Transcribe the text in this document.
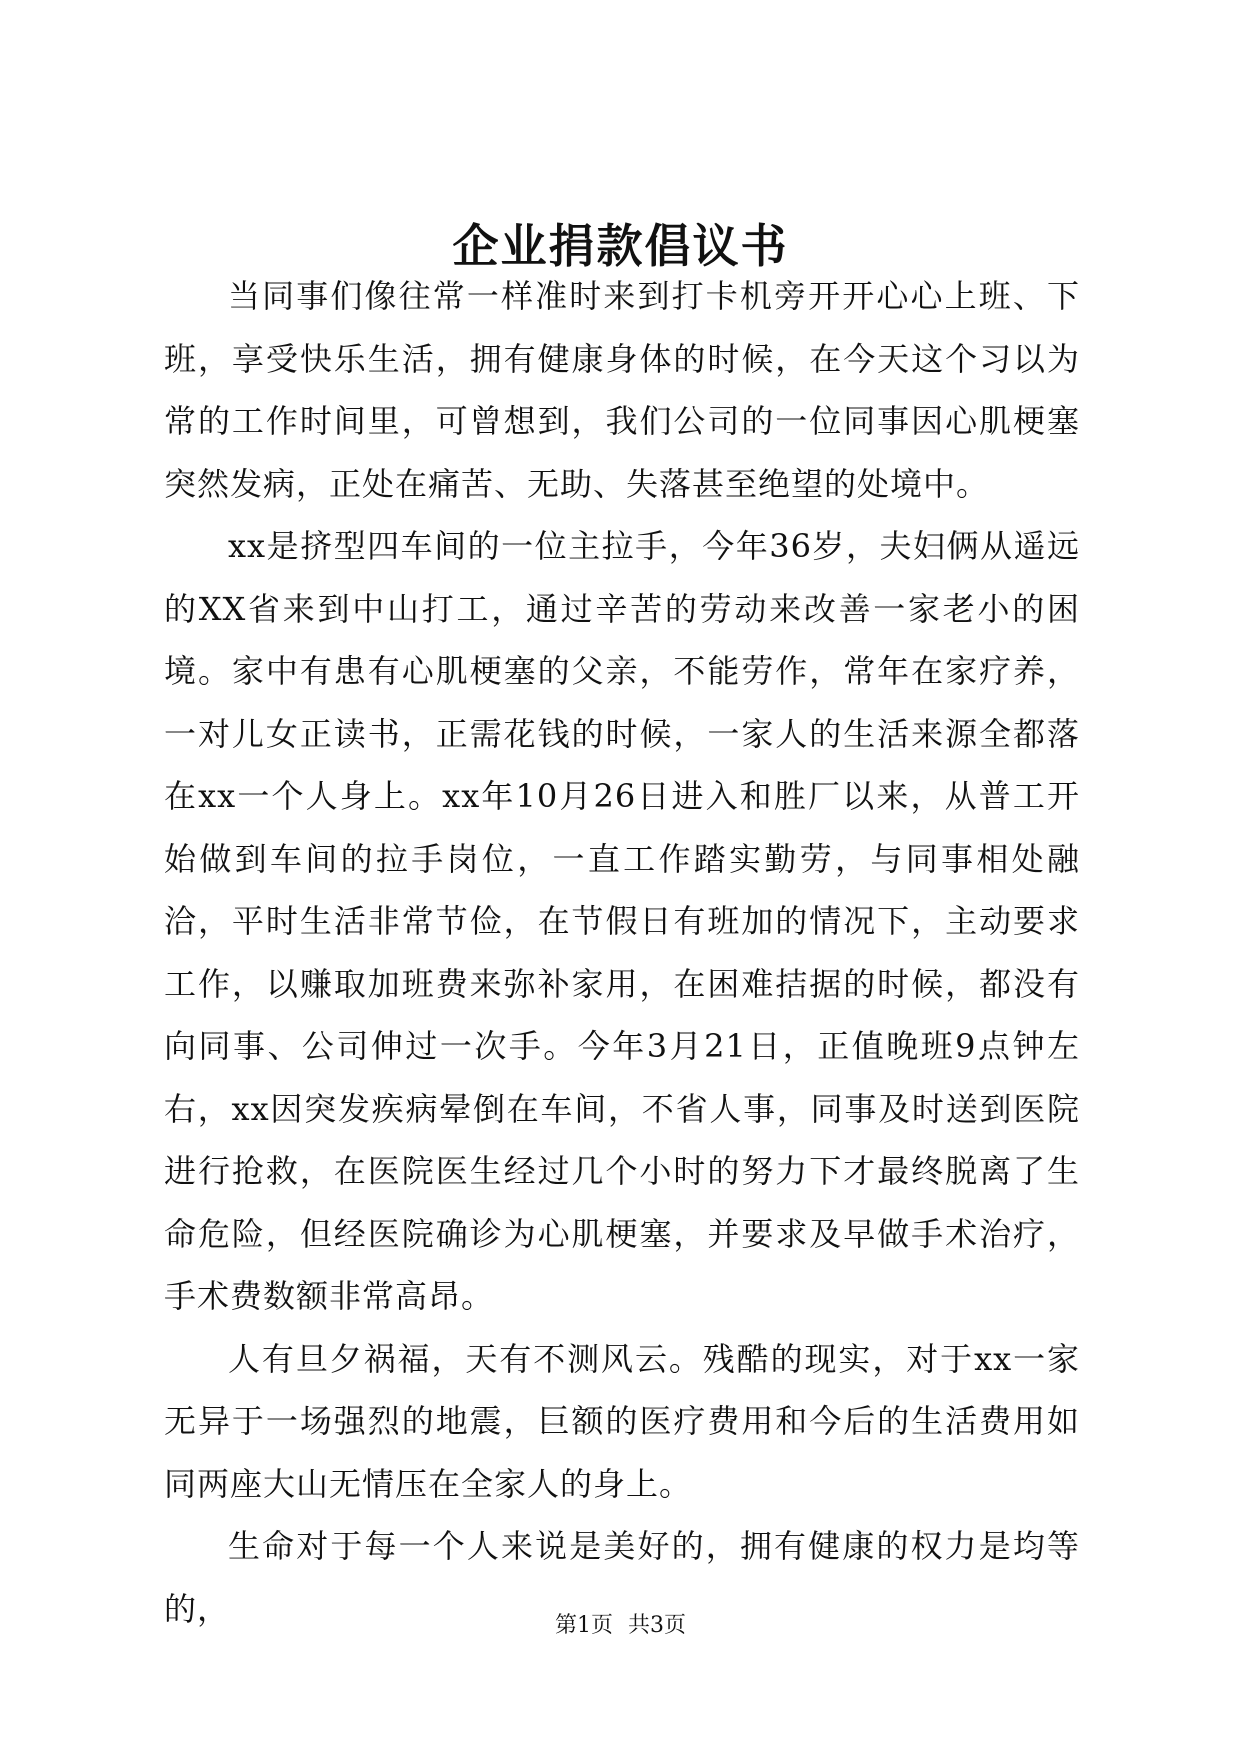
企业捐款倡议书

当同事们像往常一样准时来到打卡机旁开开心心上班、下班，享受快乐生活，拥有健康身体的时候，在今天这个习以为常的工作时间里，可曾想到，我们公司的一位同事因心肌梗塞突然发病，正处在痛苦、无助、失落甚至绝望的处境中。

xx是挤型四车间的一位主拉手，今年36岁，夫妇俩从遥远的XX省来到中山打工，通过辛苦的劳动来改善一家老小的困境。家中有患有心肌梗塞的父亲，不能劳作，常年在家疗养，一对儿女正读书，正需花钱的时候，一家人的生活来源全都落在xx一个人身上。xx年10月26日进入和胜厂以来，从普工开始做到车间的拉手岗位，一直工作踏实勤劳，与同事相处融洽，平时生活非常节俭，在节假日有班加的情况下，主动要求工作，以赚取加班费来弥补家用，在困难拮据的时候，都没有向同事、公司伸过一次手。今年3月21日，正值晚班9点钟左右，xx因突发疾病晕倒在车间，不省人事，同事及时送到医院进行抢救，在医院医生经过几个小时的努力下才最终脱离了生命危险，但经医院确诊为心肌梗塞，并要求及早做手术治疗，手术费数额非常高昂。

人有旦夕祸福，天有不测风云。残酷的现实，对于xx一家无异于一场强烈的地震，巨额的医疗费用和今后的生活费用如同两座大山无情压在全家人的身上。

生命对于每一个人来说是美好的，拥有健康的权力是均等的，	第1页 共3页
